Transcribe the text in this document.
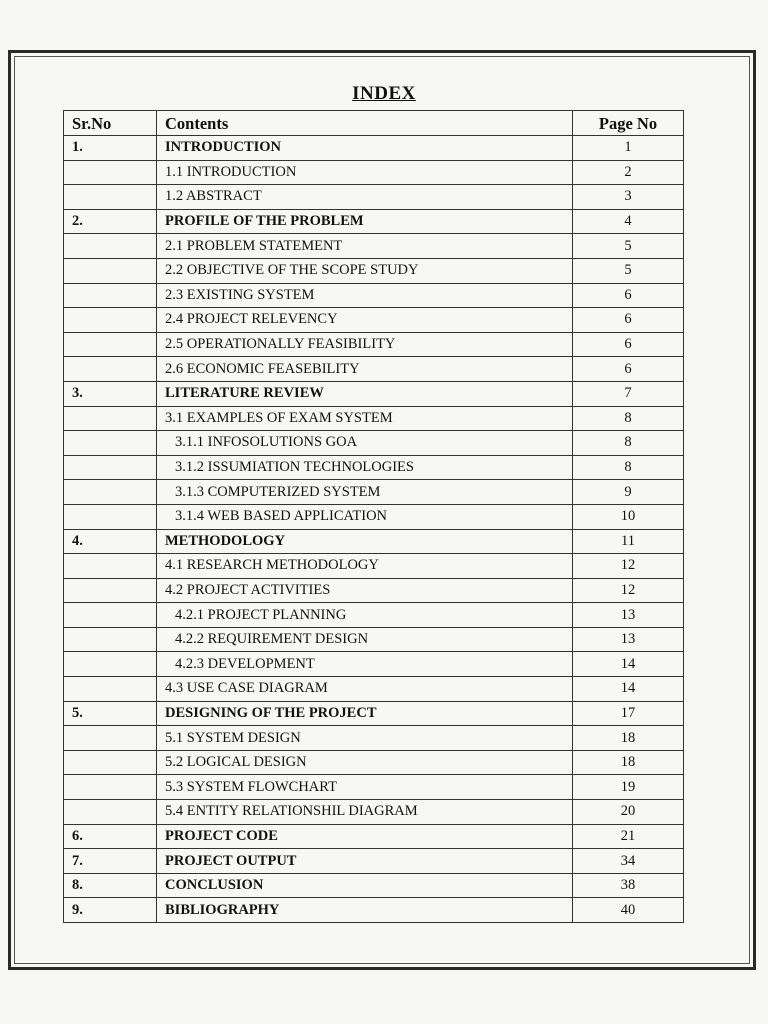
INDEX
Sr.No	Contents	Page No
1.	INTRODUCTION	1
	1.1 INTRODUCTION	2
	1.2 ABSTRACT	3
2.	PROFILE OF THE PROBLEM	4
	2.1 PROBLEM STATEMENT	5
	2.2 OBJECTIVE OF THE SCOPE STUDY	5
	2.3 EXISTING SYSTEM	6
	2.4 PROJECT RELEVENCY	6
	2.5 OPERATIONALLY FEASIBILITY	6
	2.6 ECONOMIC FEASEBILITY	6
3.	LITERATURE REVIEW	7
	3.1 EXAMPLES OF EXAM SYSTEM	8
	3.1.1 INFOSOLUTIONS GOA	8
	3.1.2 ISSUMIATION TECHNOLOGIES	8
	3.1.3 COMPUTERIZED SYSTEM	9
	3.1.4 WEB BASED APPLICATION	10
4.	METHODOLOGY	11
	4.1 RESEARCH METHODOLOGY	12
	4.2 PROJECT ACTIVITIES	12
	4.2.1 PROJECT PLANNING	13
	4.2.2 REQUIREMENT DESIGN	13
	4.2.3 DEVELOPMENT	14
	4.3 USE CASE DIAGRAM	14
5.	DESIGNING OF THE PROJECT	17
	5.1 SYSTEM DESIGN	18
	5.2 LOGICAL DESIGN	18
	5.3 SYSTEM FLOWCHART	19
	5.4 ENTITY RELATIONSHIL DIAGRAM	20
6.	PROJECT CODE	21
7.	PROJECT OUTPUT	34
8.	CONCLUSION	38
9.	BIBLIOGRAPHY	40
